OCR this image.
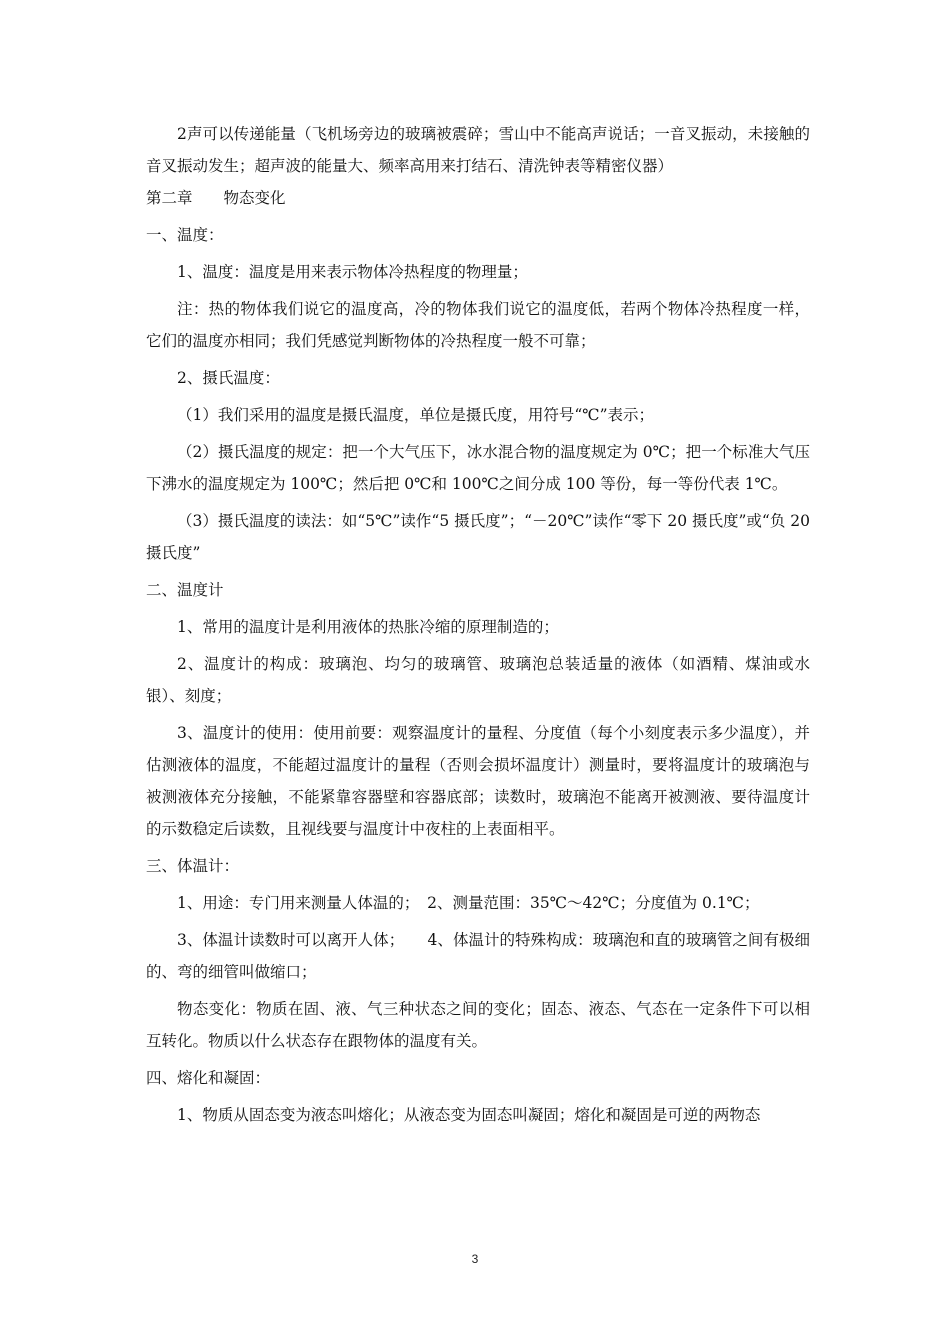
2声可以传递能量（飞机场旁边的玻璃被震碎；雪山中不能高声说话；一音叉振动，未接触的音叉振动发生；超声波的能量大、频率高用来打结石、清洗钟表等精密仪器）

第二章　　物态变化

一、温度：

1、温度：温度是用来表示物体冷热程度的物理量；

注：热的物体我们说它的温度高，冷的物体我们说它的温度低，若两个物体冷热程度一样，它们的温度亦相同；我们凭感觉判断物体的冷热程度一般不可靠；

2、摄氏温度：

（1）我们采用的温度是摄氏温度，单位是摄氏度，用符号“℃”表示；

（2）摄氏温度的规定：把一个大气压下，冰水混合物的温度规定为 0℃；把一个标准大气压下沸水的温度规定为 100℃；然后把 0℃和 100℃之间分成 100 等份，每一等份代表 1℃。

（3）摄氏温度的读法：如“5℃”读作“5 摄氏度”；“－20℃”读作“零下 20 摄氏度”或“负 20 摄氏度”

二、温度计

1、常用的温度计是利用液体的热胀冷缩的原理制造的；

2、温度计的构成：玻璃泡、均匀的玻璃管、玻璃泡总装适量的液体（如酒精、煤油或水银）、刻度；

3、温度计的使用：使用前要：观察温度计的量程、分度值（每个小刻度表示多少温度），并估测液体的温度，不能超过温度计的量程（否则会损坏温度计）测量时，要将温度计的玻璃泡与被测液体充分接触，不能紧靠容器壁和容器底部；读数时，玻璃泡不能离开被测液、要待温度计的示数稳定后读数，且视线要与温度计中夜柱的上表面相平。

三、体温计：

1、用途：专门用来测量人体温的；　2、测量范围：35℃～42℃；分度值为 0.1℃；

3、体温计读数时可以离开人体；　　4、体温计的特殊构成：玻璃泡和直的玻璃管之间有极细的、弯的细管叫做缩口；

物态变化：物质在固、液、气三种状态之间的变化；固态、液态、气态在一定条件下可以相互转化。物质以什么状态存在跟物体的温度有关。

四、熔化和凝固：

1、物质从固态变为液态叫熔化；从液态变为固态叫凝固；熔化和凝固是可逆的两物态

3
